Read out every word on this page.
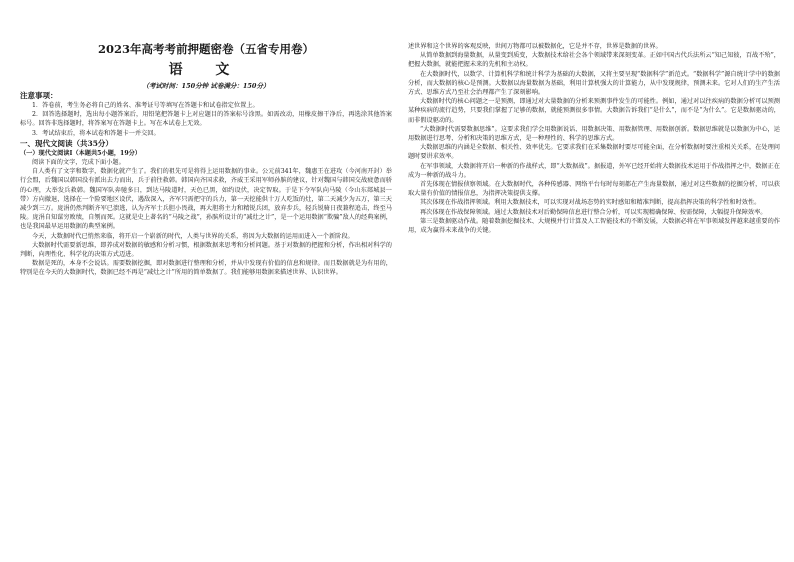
2023年高考考前押题密卷（五省专用卷）
语 文
（考试时间：150分钟 试卷满分：150分）
注意事项：

1．答卷前，考生务必将自己的姓名、准考证号等填写在答题卡和试卷指定位置上。

2．回答选择题时，选出每小题答案后，用铅笔把答题卡上对应题目的答案标号涂黑。如需改动，用橡皮擦干净后，再选涂其他答案标号。回答非选择题时，将答案写在答题卡上。写在本试卷上无效。

3．考试结束后，将本试卷和答题卡一并交回。

一、现代文阅读（共35分）

（一）现代文阅读Ⅰ（本题共5小题，19分）

阅读下面的文字，完成下面小题。

自人类有了文字和数字，数据化就产生了。我们的祖先可是将得上运用数据的事业。公元前341年，魏惠王在进攻（今河南开封）举行会盟，后魏国以韩国没有派出去力而出，兵于前往救韩。韩国向齐国求救，齐威王采用军师孙膑的建议，针对魏国与韩国交战疲惫而骄的心理，大举发兵救韩。魏国军队奔驰多日，到达马陵道时，天色已黑，如约设伏，决定智取。于是下令军队向马陵（今山东郯城县一带）方向撤退，选择在一个险要地区设伏，遇敌深入，齐军只需把守的兵力，第一天挖能供十万人吃饭的灶，第二天减少为五万，第三天减少到三万。庞涓仍然判断齐军已溃逃，认为齐军士兵胆小畏战，再大胆将主力和精锐兵团，放弃步兵，轻兵锐骑日夜兼程追击，终至马陵。庞涓自知谋穷败绩，自刎而死。这就是史上著名的“马陵之战”，孙膑所设计的“减灶之计”，是一个运用数据“欺骗”敌人的经典案例，也是我国最早运用数据的典型案例。

今天，大数据时代已悄然来临，将开启一个崭新的时代，人类与世界的关系，将因为大数据的运用而进入一个新阶段。

大数据时代需要新思维，即养成对数据的敏感和分析习惯，根据数据来思考和分析问题。基于对数据的把握和分析，作出相对科学的判断，向理性化、科学化的决策方式迈进。

数据是死的，本身不会说话。需要数据挖掘，即对数据进行整理和分析，并从中发现有价值的信息和规律。而且数据就是为有用的，特别是在今天的大数据时代，数据已经不再是“减灶之计”所用的简单数据了。我们能够用数据来描述世界、认识世界。

述世界和这个世界的客观反映，世间万物都可以被数据化，它是并不存，世界是数据的世界。

从简单数据到海量数据，从量变到质变，大数据技术给社会各个领域带来深刻变革。正如中国古代兵法所云“知己知彼，百战不殆”，把握大数据，就能把握未来的先机和主动权。

在大数据时代，以数学、计算机科学和统计科学为基础的大数据，又将主要呈现“数据科学”新范式。“数据科学”源自统计学中的数据分析，而大数据的核心是预测。大数据以海量数据为基础，利用计算机强大的计算能力，从中发现规律，预测未来。它对人们的生产生活方式、思维方式乃至社会治理都产生了深刻影响。

大数据时代的核心问题之一是预测，即通过对大量数据的分析来预测事件发生的可能性。例如，通过对以往疾病的数据分析可以预测某种疾病的流行趋势，只要我们掌握了足够的数据，就能预测很多事情。大数据告诉我们“是什么”，而不是“为什么”。它是数据驱动的，而非假设驱动的。

“大数据时代需要数据思维”。这要求我们学会用数据说话、用数据决策、用数据管理、用数据创新。数据思维就是以数据为中心，运用数据进行思考、分析和决策的思维方式，是一种理性的、科学的思维方式。

大数据思维的内涵是全数据、相关性、效率优先。它要求我们在采集数据时要尽可能全面，在分析数据时要注重相关关系，在处理问题时要讲求效率。

在军事领域，大数据将开启一种新的作战样式，即“大数据战”。据报道，外军已经开始将大数据技术运用于作战指挥之中，数据正在成为一种新的战斗力。

首先体现在情报侦察领域。在大数据时代，各种传感器、网络平台每时每刻都在产生海量数据，通过对这些数据的挖掘分析，可以获取大量有价值的情报信息，为指挥决策提供支撑。

其次体现在作战指挥领域。利用大数据技术，可以实现对战场态势的实时感知和精准判断，提高指挥决策的科学性和时效性。

再次体现在作战保障领域。通过大数据技术对后勤保障信息进行整合分析，可以实现精确保障、按需保障，大幅提升保障效率。

第三是数据驱动作战。随着数据挖掘技术、大规模并行计算及人工智能技术的不断发展，大数据必将在军事领域发挥越来越重要的作用，成为赢得未来战争的关键。
